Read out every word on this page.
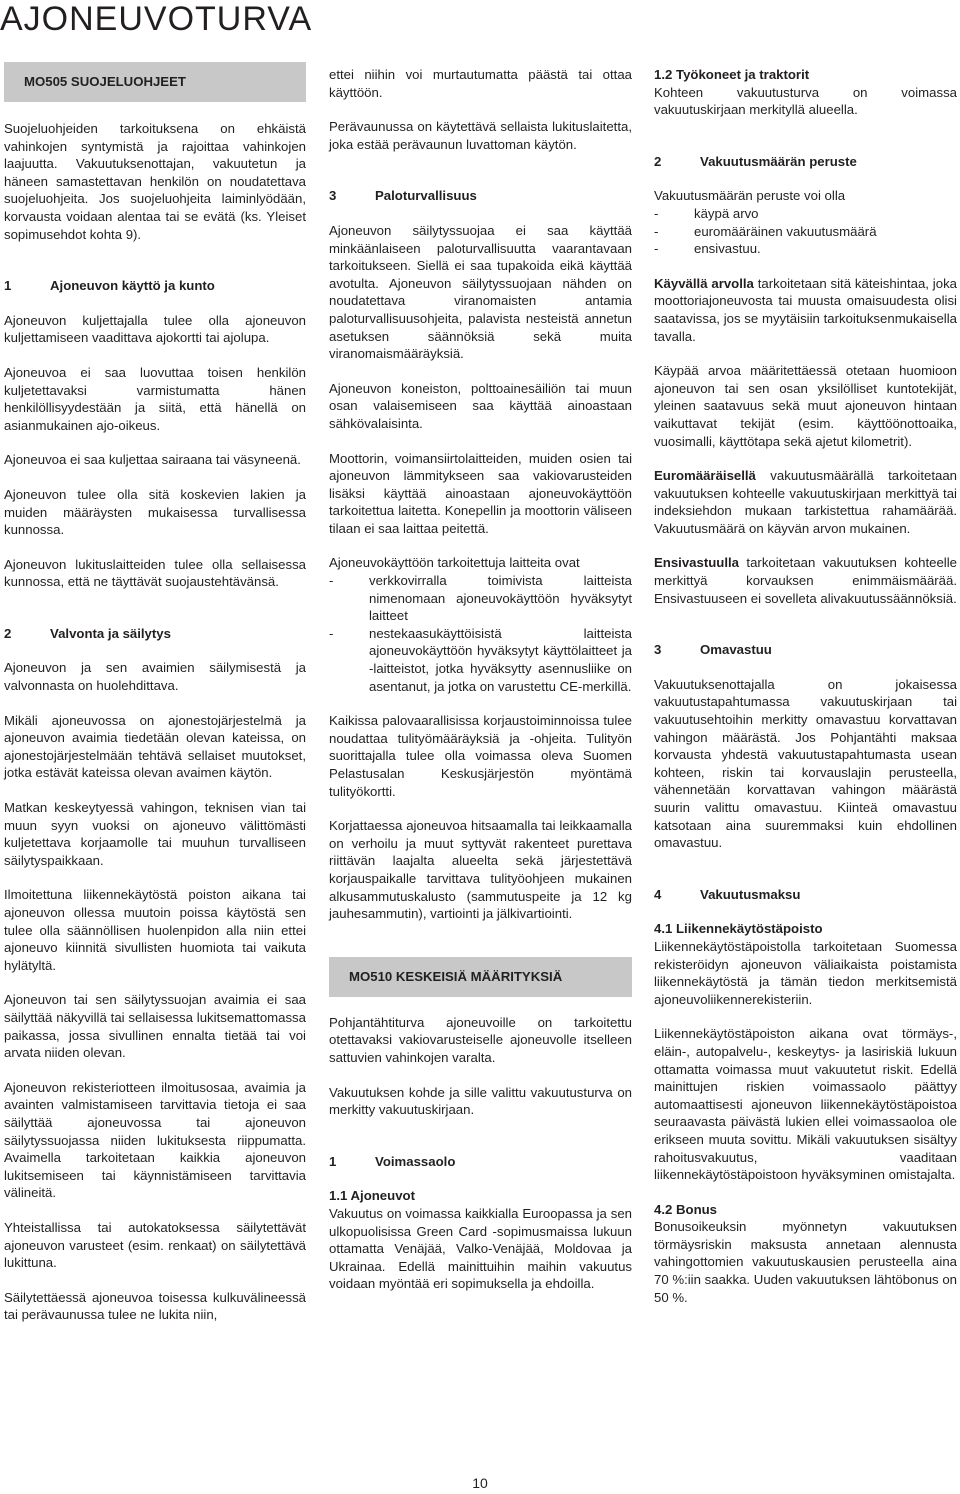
AJONEUVOTURVA
MO505 SUOJELUOHJEET

Suojeluohjeiden tarkoituksena on ehkäistä vahinkojen syntymistä ja rajoittaa vahinkojen laajuutta. Vakuutuksenottajan, vakuutetun ja häneen samastettavan henkilön on noudatettava suojeluohjeita. Jos suojeluohjeita laiminlyödään, korvausta voidaan alentaa tai se evätä (ks. Yleiset sopimusehdot kohta 9).

1	Ajoneuvon käyttö ja kunto

Ajoneuvon kuljettajalla tulee olla ajoneuvon kuljettamiseen vaadittava ajokortti tai ajolupa.

Ajoneuvoa ei saa luovuttaa toisen henkilön kuljetettavaksi varmistumatta hänen henkilöllisyydestään ja siitä, että hänellä on asianmukainen ajo-oikeus.

Ajoneuvoa ei saa kuljettaa sairaana tai väsyneenä.

Ajoneuvon tulee olla sitä koskevien lakien ja muiden määräysten mukaisessa turvallisessa kunnossa.

Ajoneuvon lukituslaitteiden tulee olla sellaisessa kunnossa, että ne täyttävät suojaustehtävänsä.

2	Valvonta ja säilytys

Ajoneuvon ja sen avaimien säilymisestä ja valvonnasta on huolehdittava.

Mikäli ajoneuvossa on ajonestojärjestelmä ja ajoneuvon avaimia tiedetään olevan kateissa, on ajonestojärjestelmään tehtävä sellaiset muutokset, jotka estävät kateissa olevan avaimen käytön.

Matkan keskeytyessä vahingon, teknisen vian tai muun syyn vuoksi on ajoneuvo välittömästi kuljetettava korjaamolle tai muuhun turvalliseen säilytyspaikkaan.

Ilmoitettuna liikennekäytöstä poiston aikana tai ajoneuvon ollessa muutoin poissa käytöstä sen tulee olla säännöllisen huolenpidon alla niin ettei ajoneuvo kiinnitä sivullisten huomiota tai vaikuta hylätyltä.

Ajoneuvon tai sen säilytyssuojan avaimia ei saa säilyttää näkyvillä tai sellaisessa lukitsemattomassa paikassa, jossa sivullinen ennalta tietää tai voi arvata niiden olevan.

Ajoneuvon rekisteriotteen ilmoitusosaa, avaimia ja avainten valmistamiseen tarvittavia tietoja ei saa säilyttää ajoneuvossa tai ajoneuvon säilytyssuojassa niiden lukituksesta riippumatta. Avaimella tarkoitetaan kaikkia ajoneuvon lukitsemiseen tai käynnistämiseen tarvittavia välineitä.

Yhteistallissa tai autokatoksessa säilytettävät ajoneuvon varusteet (esim. renkaat) on säilytettävä lukittuna.

Säilytettäessä ajoneuvoa toisessa kulkuvälineessä tai perävaunussa tulee ne lukita niin,

ettei niihin voi murtautumatta päästä tai ottaa käyttöön.

Perävaunussa on käytettävä sellaista lukituslaitetta, joka estää perävaunun luvattoman käytön.

3	Paloturvallisuus

Ajoneuvon säilytyssuojaa ei saa käyttää minkäänlaiseen paloturvallisuutta vaarantavaan tarkoitukseen. Siellä ei saa tupakoida eikä käyttää avotulta. Ajoneuvon säilytyssuojaan nähden on noudatettava viranomaisten antamia paloturvallisuusohjeita, palavista nesteistä annetun asetuksen säännöksiä sekä muita viranomaismääräyksiä.

Ajoneuvon koneiston, polttoainesäiliön tai muun osan valaisemiseen saa käyttää ainoastaan sähkövalaisinta.

Moottorin, voimansiirtolaitteiden, muiden osien tai ajoneuvon lämmitykseen saa vakiovarusteiden lisäksi käyttää ainoastaan ajoneuvokäyttöön tarkoitettua laitetta. Konepellin ja moottorin väliseen tilaan ei saa laittaa peitettä.

Ajoneuvokäyttöön tarkoitettuja laitteita ovat

-	verkkovirralla toimivista laitteista nimenomaan ajoneuvokäyttöön hyväksytyt laitteet
-	nestekaasukäyttöisistä laitteista ajoneuvokäyttöön hyväksytyt käyttölaitteet ja -laitteistot, jotka hyväksytty asennusliike on asentanut, ja jotka on varustettu CE-merkillä.

Kaikissa palovaarallisissa korjaustoiminnoissa tulee noudattaa tulityömääräyksiä ja -ohjeita. Tulityön suorittajalla tulee olla voimassa oleva Suomen Pelastusalan Keskusjärjestön myöntämä tulityökortti.

Korjattaessa ajoneuvoa hitsaamalla tai leikkaamalla on verhoilu ja muut syttyvät rakenteet purettava riittävän laajalta alueelta sekä järjestettävä korjauspaikalle tarvittava tulityöohjeen mukainen alkusammutuskalusto (sammutuspeite ja 12 kg jauhesammutin), vartiointi ja jälkivartiointi.

MO510 KESKEISIÄ MÄÄRITYKSIÄ

Pohjantähtiturva ajoneuvoille on tarkoitettu otettavaksi vakiovarusteiselle ajoneuvolle itselleen sattuvien vahinkojen varalta.

Vakuutuksen kohde ja sille valittu vakuutusturva on merkitty vakuutuskirjaan.

1	Voimassaolo

1.1 Ajoneuvot

Vakuutus on voimassa kaikkialla Euroopassa ja sen ulkopuolisissa Green Card -sopimusmaissa lukuun ottamatta Venäjää, Valko-Venäjää, Moldovaa ja Ukrainaa. Edellä mainittuihin maihin vakuutus voidaan myöntää eri sopimuksella ja ehdoilla.

1.2 Työkoneet ja traktorit

Kohteen vakuutusturva on voimassa vakuutuskirjaan merkityllä alueella.

2	Vakuutusmäärän peruste

Vakuutusmäärän peruste voi olla

-	käypä arvo
-	euromääräinen vakuutusmäärä
-	ensivastuu.

Käyvällä arvolla tarkoitetaan sitä käteishintaa, joka moottoriajoneuvosta tai muusta omaisuudesta olisi saatavissa, jos se myytäisiin tarkoituksenmukaisella tavalla.

Käypää arvoa määritettäessä otetaan huomioon ajoneuvon tai sen osan yksilölliset kuntotekijät, yleinen saatavuus sekä muut ajoneuvon hintaan vaikuttavat tekijät (esim. käyttöönottoaika, vuosimalli, käyttötapa sekä ajetut kilometrit).

Euromääräisellä vakuutusmäärällä tarkoitetaan vakuutuksen kohteelle vakuutuskirjaan merkittyä tai indeksiehdon mukaan tarkistettua rahamäärää. Vakuutusmäärä on käyvän arvon mukainen.

Ensivastuulla tarkoitetaan vakuutuksen kohteelle merkittyä korvauksen enimmäismäärää. Ensivastuuseen ei sovelleta alivakuutussäännöksiä.

3	Omavastuu

Vakuutuksenottajalla on jokaisessa vakuutustapahtumassa vakuutuskirjaan tai vakuutusehtoihin merkitty omavastuu korvattavan vahingon määrästä. Jos Pohjantähti maksaa korvausta yhdestä vakuutustapahtumasta usean kohteen, riskin tai korvauslajin perusteella, vähennetään korvattavan vahingon määrästä suurin valittu omavastuu. Kiinteä omavastuu katsotaan aina suuremmaksi kuin ehdollinen omavastuu.

4	Vakuutusmaksu

4.1 Liikennekäytöstäpoisto

Liikennekäytöstäpoistolla tarkoitetaan Suomessa rekisteröidyn ajoneuvon väliaikaista poistamista liikennekäytöstä ja tämän tiedon merkitsemistä ajoneuvoliikennerekisteriin.

Liikennekäytöstäpoiston aikana ovat törmäys-, eläin-, autopalvelu-, keskeytys- ja lasiriskiä lukuun ottamatta voimassa muut vakuutetut riskit. Edellä mainittujen riskien voimassaolo päättyy automaattisesti ajoneuvon liikennekäytöstäpoistoa seuraavasta päivästä lukien ellei voimassaoloa ole erikseen muuta sovittu. Mikäli vakuutuksen sisältyy rahoitusvakuutus, vaaditaan liikennekäytöstäpoistoon hyväksyminen omistajalta.

4.2 Bonus

Bonusoikeuksin myönnetyn vakuutuksen törmäysriskin maksusta annetaan alennusta vahingottomien vakuutuskausien perusteella aina 70 %:iin saakka. Uuden vakuutuksen lähtöbonus on 50 %.

10
